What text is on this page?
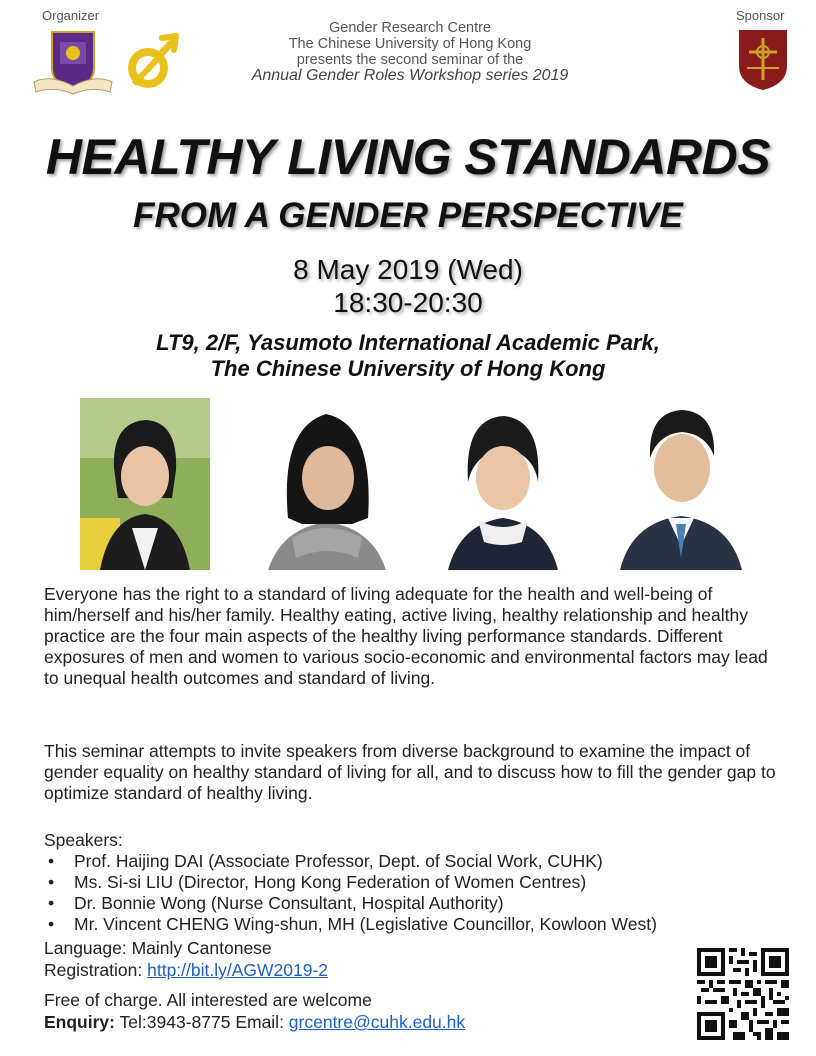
Organizer
Gender Research Centre
The Chinese University of Hong Kong
presents the second seminar of the
Annual Gender Roles Workshop series 2019
Sponsor
HEALTHY LIVING STANDARDS
FROM A GENDER PERSPECTIVE
8 May 2019 (Wed)
18:30-20:30
LT9, 2/F, Yasumoto International Academic Park,
The Chinese University of Hong Kong
Everyone has the right to a standard of living adequate for the health and well-being of him/herself and his/her family. Healthy eating, active living, healthy relationship and healthy practice are the four main aspects of the healthy living performance standards. Different exposures of men and women to various socio-economic and environmental factors may lead to unequal health outcomes and standard of living.
This seminar attempts to invite speakers from diverse background to examine the impact of gender equality on healthy standard of living for all, and to discuss how to fill the gender gap to optimize standard of healthy living.
Speakers:
• Prof. Haijing DAI (Associate Professor, Dept. of Social Work, CUHK)
• Ms. Si-si LIU (Director, Hong Kong Federation of Women Centres)
• Dr. Bonnie Wong (Nurse Consultant, Hospital Authority)
• Mr. Vincent CHENG Wing-shun, MH (Legislative Councillor, Kowloon West)
Language: Mainly Cantonese
Registration: http://bit.ly/AGW2019-2
Free of charge. All interested are welcome
Enquiry: Tel:3943-8775 Email: grcentre@cuhk.edu.hk
